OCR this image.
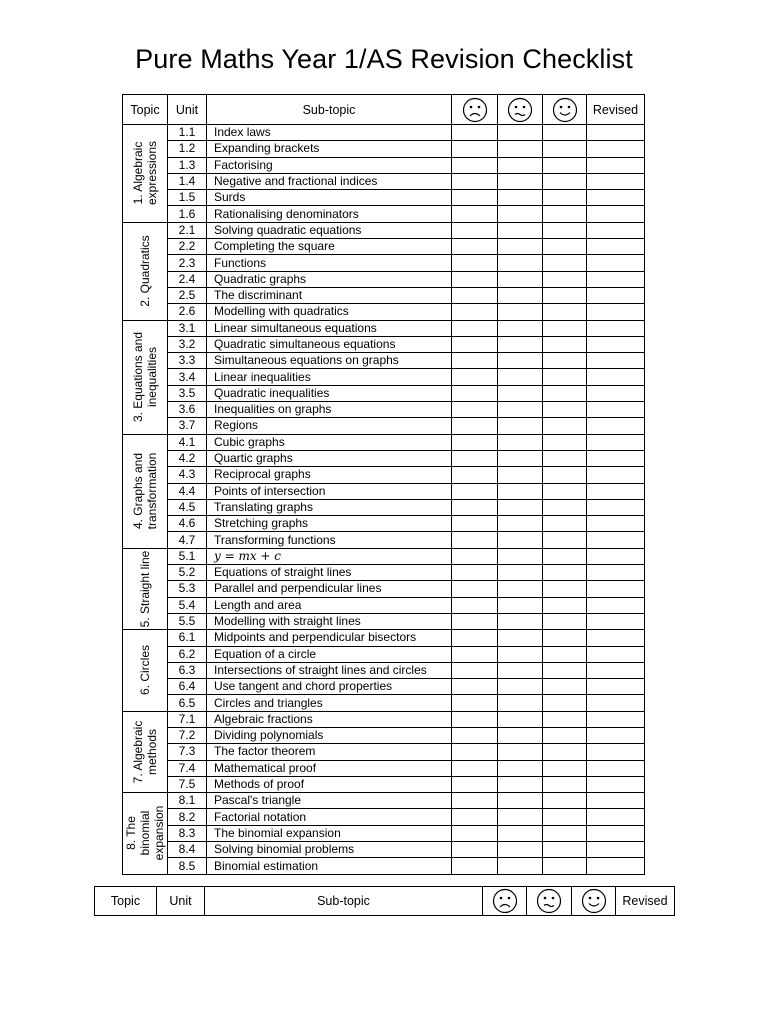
Pure Maths Year 1/AS Revision Checklist
Topic	Unit	Sub-topic				Revised

1. Algebraic expressions	1.1	Index laws				
	1.2	Expanding brackets				
	1.3	Factorising				
	1.4	Negative and fractional indices				
	1.5	Surds				
	1.6	Rationalising denominators				

2. Quadratics	2.1	Solving quadratic equations				
	2.2	Completing the square				
	2.3	Functions				
	2.4	Quadratic graphs				
	2.5	The discriminant				
	2.6	Modelling with quadratics				

3. Equations and inequalities	3.1	Linear simultaneous equations				
	3.2	Quadratic simultaneous equations				
	3.3	Simultaneous equations on graphs				
	3.4	Linear inequalities				
	3.5	Quadratic inequalities				
	3.6	Inequalities on graphs				
	3.7	Regions				

4. Graphs and transformation	4.1	Cubic graphs				
	4.2	Quartic graphs				
	4.3	Reciprocal graphs				
	4.4	Points of intersection				
	4.5	Translating graphs				
	4.6	Stretching graphs				
	4.7	Transforming functions				

5. Straight line	5.1	y = mx + c				
	5.2	Equations of straight lines				
	5.3	Parallel and perpendicular lines				
	5.4	Length and area				
	5.5	Modelling with straight lines				

6. Circles	6.1	Midpoints and perpendicular bisectors				
	6.2	Equation of a circle				
	6.3	Intersections of straight lines and circles				
	6.4	Use tangent and chord properties				
	6.5	Circles and triangles				

7. Algebraic methods	7.1	Algebraic fractions				
	7.2	Dividing polynomials				
	7.3	The factor theorem				
	7.4	Mathematical proof				
	7.5	Methods of proof				

8. The binomial expansion	8.1	Pascal's triangle				
	8.2	Factorial notation				
	8.3	The binomial expansion				
	8.4	Solving binomial problems				
	8.5	Binomial estimation				
Topic	Unit	Sub-topic				Revised
